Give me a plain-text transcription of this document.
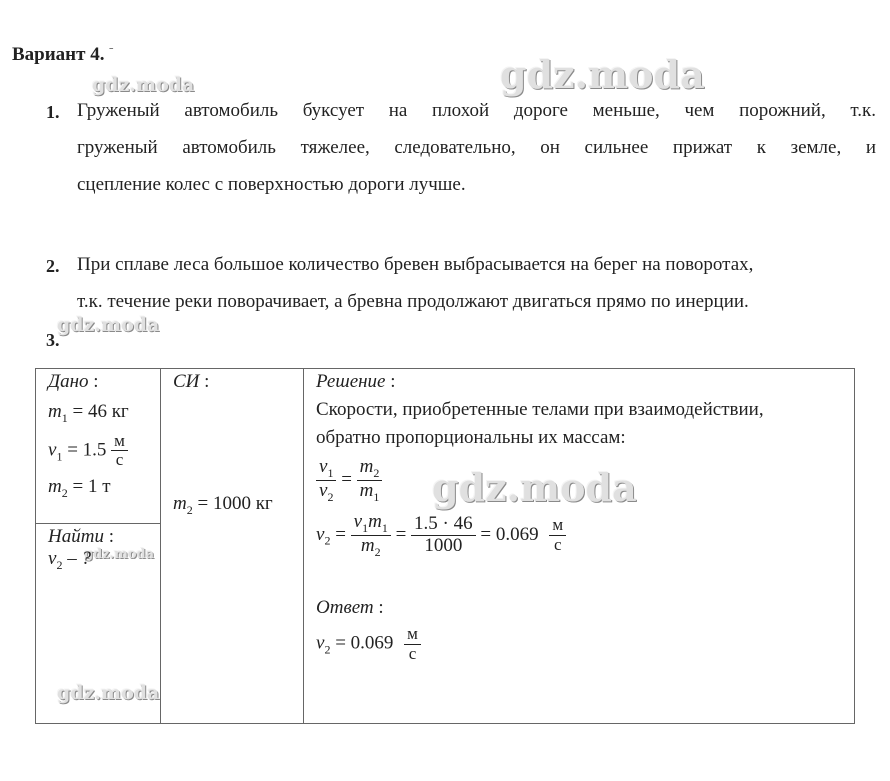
Вариант 4. $^ˉ$
gdz.moda	gdz.moda
gdz.moda
gdz.moda
gdz.moda
gdz.moda
1. Груженый автомобиль буксует на плохой дороге меньше, чем порожний, т.к.
груженый автомобиль тяжелее, следовательно, он сильнее прижат к земле, и
сцепление колес с поверхностью дороги лучше.
2. При сплаве леса большое количество бревен выбрасывается на берег на поворотах,
т.к. течение реки поворачивает, а бревна продолжают двигаться прямо по инерции.
3.
Дано :
$m_1 = 46$ кг
$v_1 = 1.5 \frac{м}{с}$
$m_2 = 1$ т

СИ :
$m_2 = 1000$ кг

Решение :
Скорости, приобретенные телами при взаимодействии,
обратно пропорциональны их массам:
$\frac{v_1}{v_2} = \frac{m_2}{m_1}$
$v_2 = \frac{v_1m_1}{m_2} = \frac{1.5 \cdot 46}{1000} = 0.069 \frac{м}{с}$
Ответ :
$v_2 = 0.069 \frac{м}{с}$

Найти :
$v_2$ – ?
